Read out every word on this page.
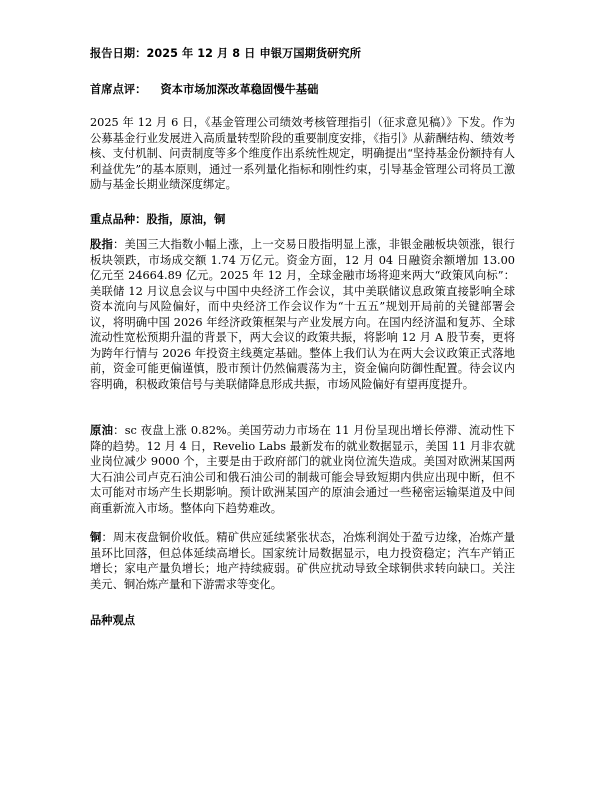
报告日期：2025 年 12 月 8 日 申银万国期货研究所
首席点评： 资本市场加深改革稳固慢牛基础
2025 年 12 月 6 日，《基金管理公司绩效考核管理指引（征求意见稿）》下发。作为公募基金行业发展进入高质量转型阶段的重要制度安排，《指引》从薪酬结构、绩效考核、支付机制、问责制度等多个维度作出系统性规定，明确提出“坚持基金份额持有人利益优先”的基本原则，通过一系列量化指标和刚性约束，引导基金管理公司将员工激励与基金长期业绩深度绑定。
重点品种：股指，原油，铜
股指：美国三大指数小幅上涨，上一交易日股指明显上涨，非银金融板块领涨，银行板块领跌，市场成交额 1.74 万亿元。资金方面，12 月 04 日融资余额增加 13.00 亿元至 24664.89 亿元。2025 年 12 月，全球金融市场将迎来两大“政策风向标”：美联储 12 月议息会议与中国中央经济工作会议，其中美联储议息政策直接影响全球资本流向与风险偏好，而中央经济工作会议作为“十五五”规划开局前的关键部署会议，将明确中国 2026 年经济政策框架与产业发展方向。在国内经济温和复苏、全球流动性宽松预期升温的背景下，两大会议的政策共振，将影响 12 月 A 股节奏，更将为跨年行情与 2026 年投资主线奠定基础。整体上我们认为在两大会议政策正式落地前，资金可能更偏谨慎，股市预计仍然偏震荡为主，资金偏向防御性配置。待会议内容明确，积极政策信号与美联储降息形成共振，市场风险偏好有望再度提升。
原油：sc 夜盘上涨 0.82%。美国劳动力市场在 11 月份呈现出增长停滞、流动性下降的趋势。12 月 4 日，Revelio Labs 最新发布的就业数据显示，美国 11 月非农就业岗位减少 9000 个，主要是由于政府部门的就业岗位流失造成。美国对欧洲某国两大石油公司卢克石油公司和俄石油公司的制裁可能会导致短期内供应出现中断，但不太可能对市场产生长期影响。预计欧洲某国产的原油会通过一些秘密运输渠道及中间商重新流入市场。整体向下趋势难改。
铜：周末夜盘铜价收低。精矿供应延续紧张状态，冶炼利润处于盈亏边缘，冶炼产量虽环比回落，但总体延续高增长。国家统计局数据显示，电力投资稳定；汽车产销正增长；家电产量负增长；地产持续疲弱。矿供应扰动导致全球铜供求转向缺口。关注美元、铜冶炼产量和下游需求等变化。
品种观点
